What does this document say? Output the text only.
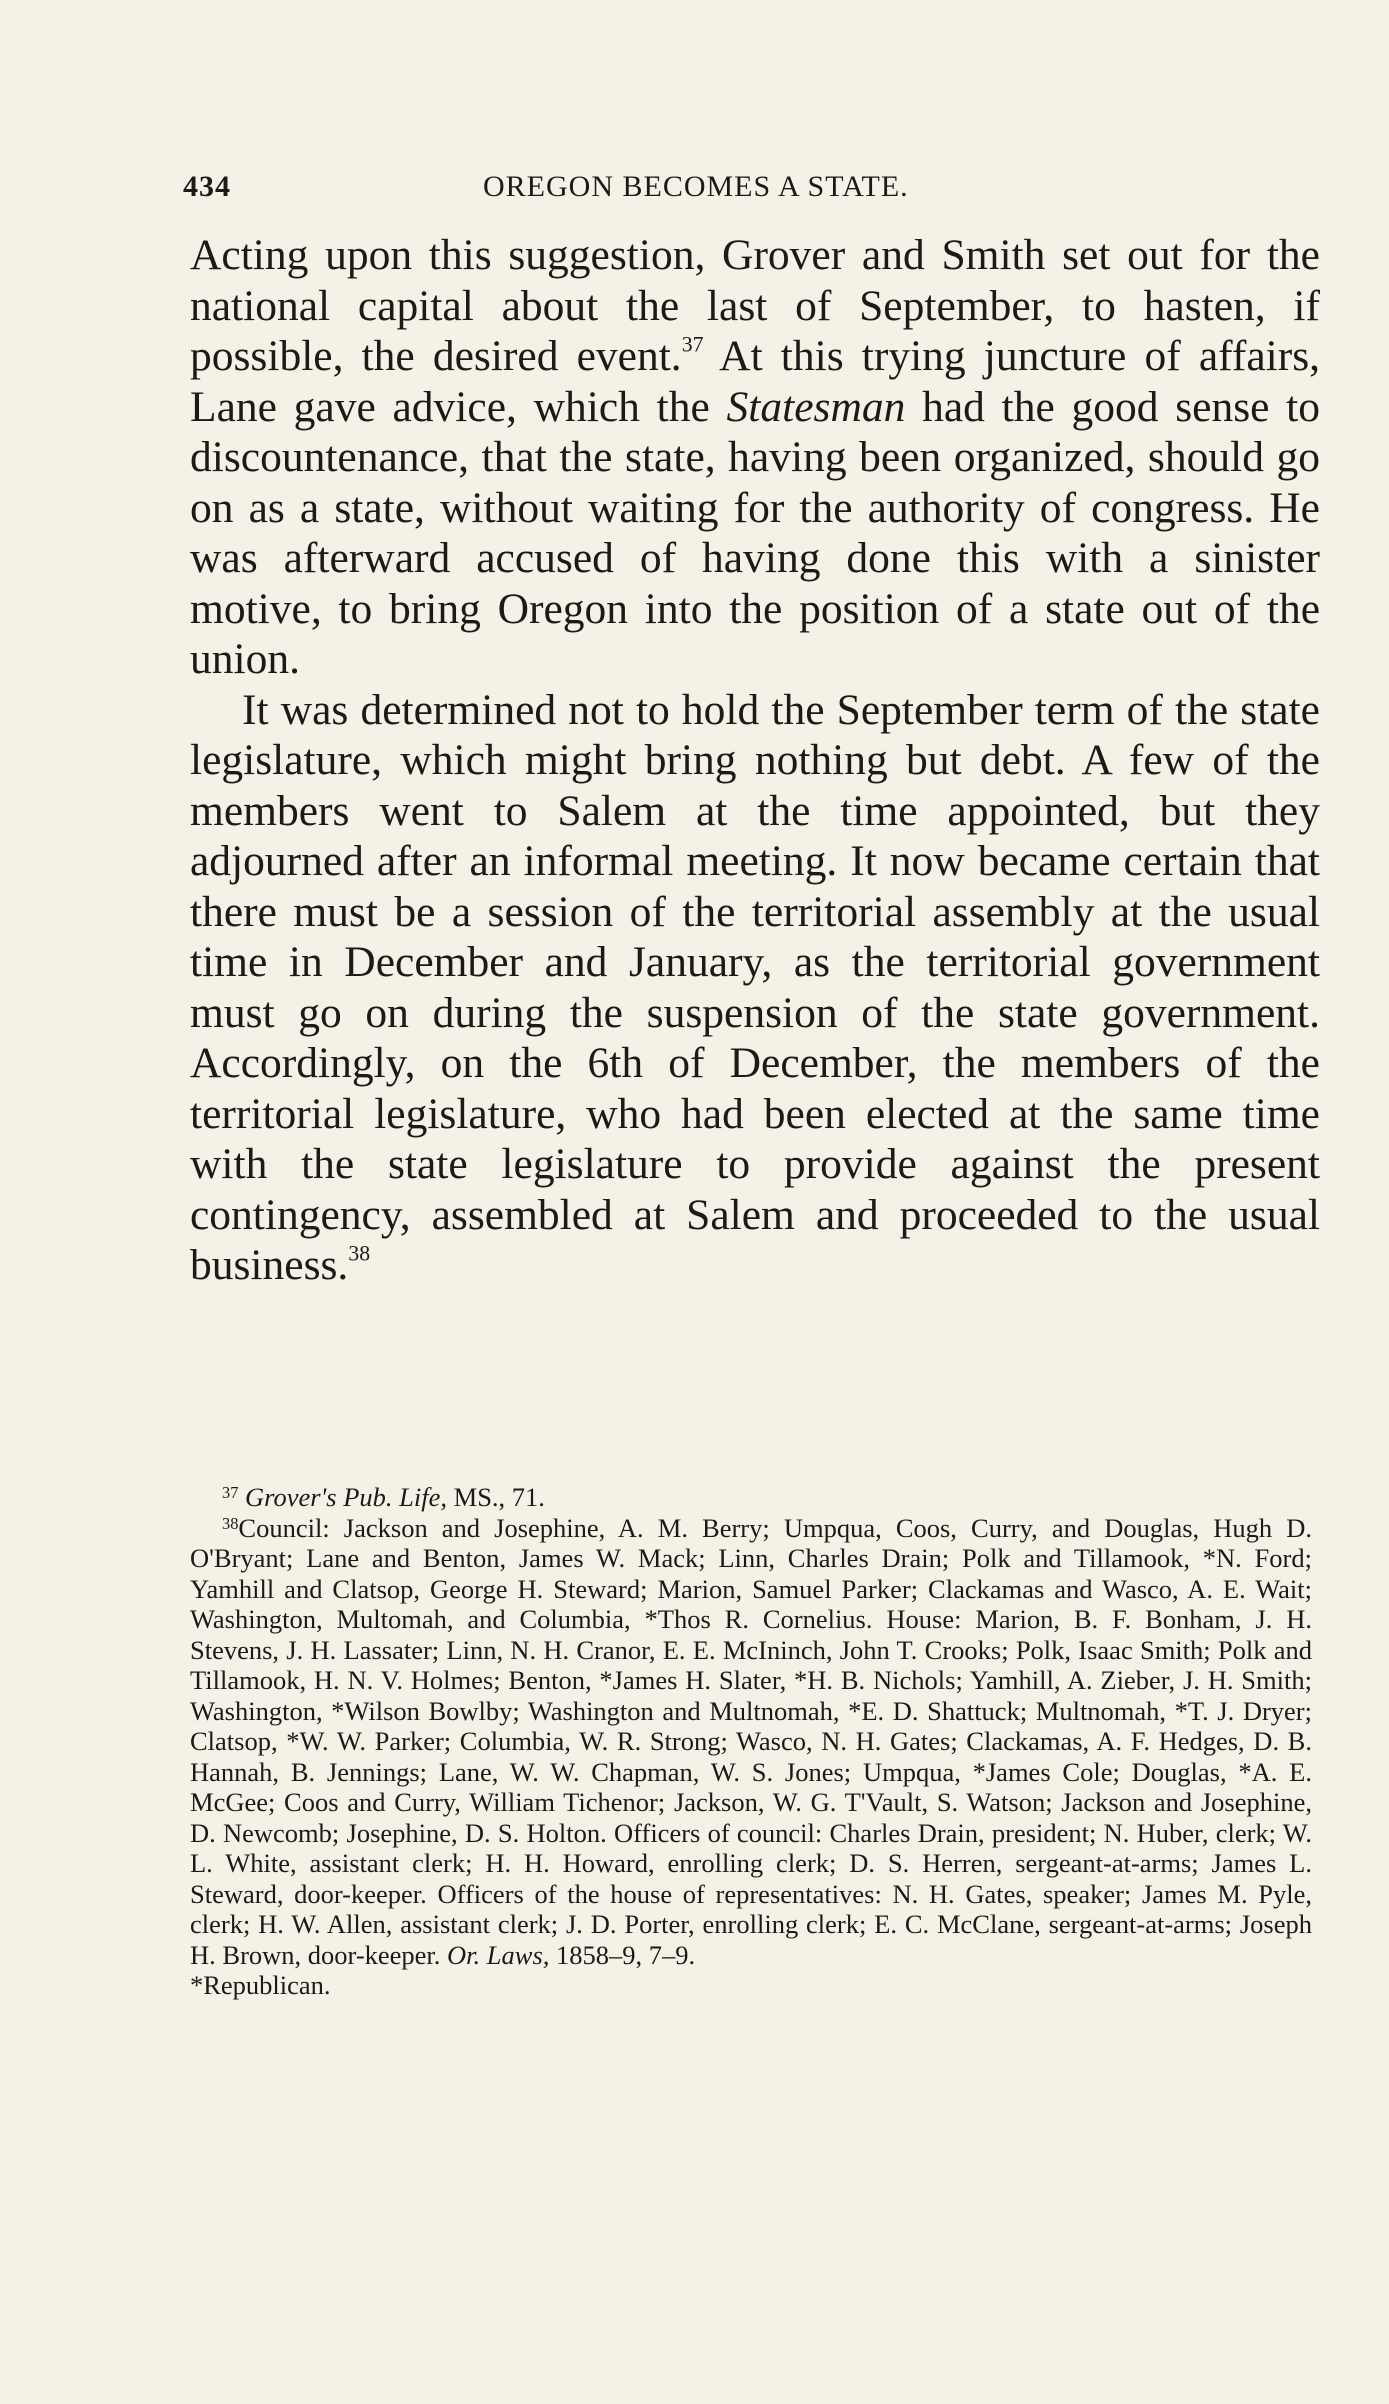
434	OREGON BECOMES A STATE.

Acting upon this suggestion, Grover and Smith set out for the national capital about the last of September, to hasten, if possible, the desired event.$^{37}$ At this trying juncture of affairs, Lane gave advice, which the Statesman had the good sense to discountenance, that the state, having been organized, should go on as a state, without waiting for the authority of congress. He was afterward accused of having done this with a sinister motive, to bring Oregon into the position of a state out of the union.

It was determined not to hold the September term of the state legislature, which might bring nothing but debt. A few of the members went to Salem at the time appointed, but they adjourned after an informal meeting. It now became certain that there must be a session of the territorial assembly at the usual time in December and January, as the territorial government must go on during the suspension of the state government. Accordingly, on the 6th of December, the members of the territorial legislature, who had been elected at the same time with the state legislature to provide against the present contingency, assembled at Salem and proceeded to the usual business.$^{38}$

$^{37}$ Grover's Pub. Life, MS., 71.

$^{38}$Council: Jackson and Josephine, A. M. Berry; Umpqua, Coos, Curry, and Douglas, Hugh D. O'Bryant; Lane and Benton, James W. Mack; Linn, Charles Drain; Polk and Tillamook, *N. Ford; Yamhill and Clatsop, George H. Steward; Marion, Samuel Parker; Clackamas and Wasco, A. E. Wait; Washington, Multomah, and Columbia, *Thos R. Cornelius. House: Marion, B. F. Bonham, J. H. Stevens, J. H. Lassater; Linn, N. H. Cranor, E. E. McIninch, John T. Crooks; Polk, Isaac Smith; Polk and Tillamook, H. N. V. Holmes; Benton, *James H. Slater, *H. B. Nichols; Yamhill, A. Zieber, J. H. Smith; Washington, *Wilson Bowlby; Washington and Multnomah, *E. D. Shattuck; Multnomah, *T. J. Dryer; Clatsop, *W. W. Parker; Columbia, W. R. Strong; Wasco, N. H. Gates; Clackamas, A. F. Hedges, D. B. Hannah, B. Jennings; Lane, W. W. Chapman, W. S. Jones; Umpqua, *James Cole; Douglas, *A. E. McGee; Coos and Curry, William Tichenor; Jackson, W. G. T'Vault, S. Watson; Jackson and Josephine, D. Newcomb; Josephine, D. S. Holton. Officers of council: Charles Drain, president; N. Huber, clerk; W. L. White, assistant clerk; H. H. Howard, enrolling clerk; D. S. Herren, sergeant-at-arms; James L. Steward, door-keeper. Officers of the house of representatives: N. H. Gates, speaker; James M. Pyle, clerk; H. W. Allen, assistant clerk; J. D. Porter, enrolling clerk; E. C. McClane, sergeant-at-arms; Joseph H. Brown, door-keeper. Or. Laws, 1858–9, 7–9.

*Republican.
